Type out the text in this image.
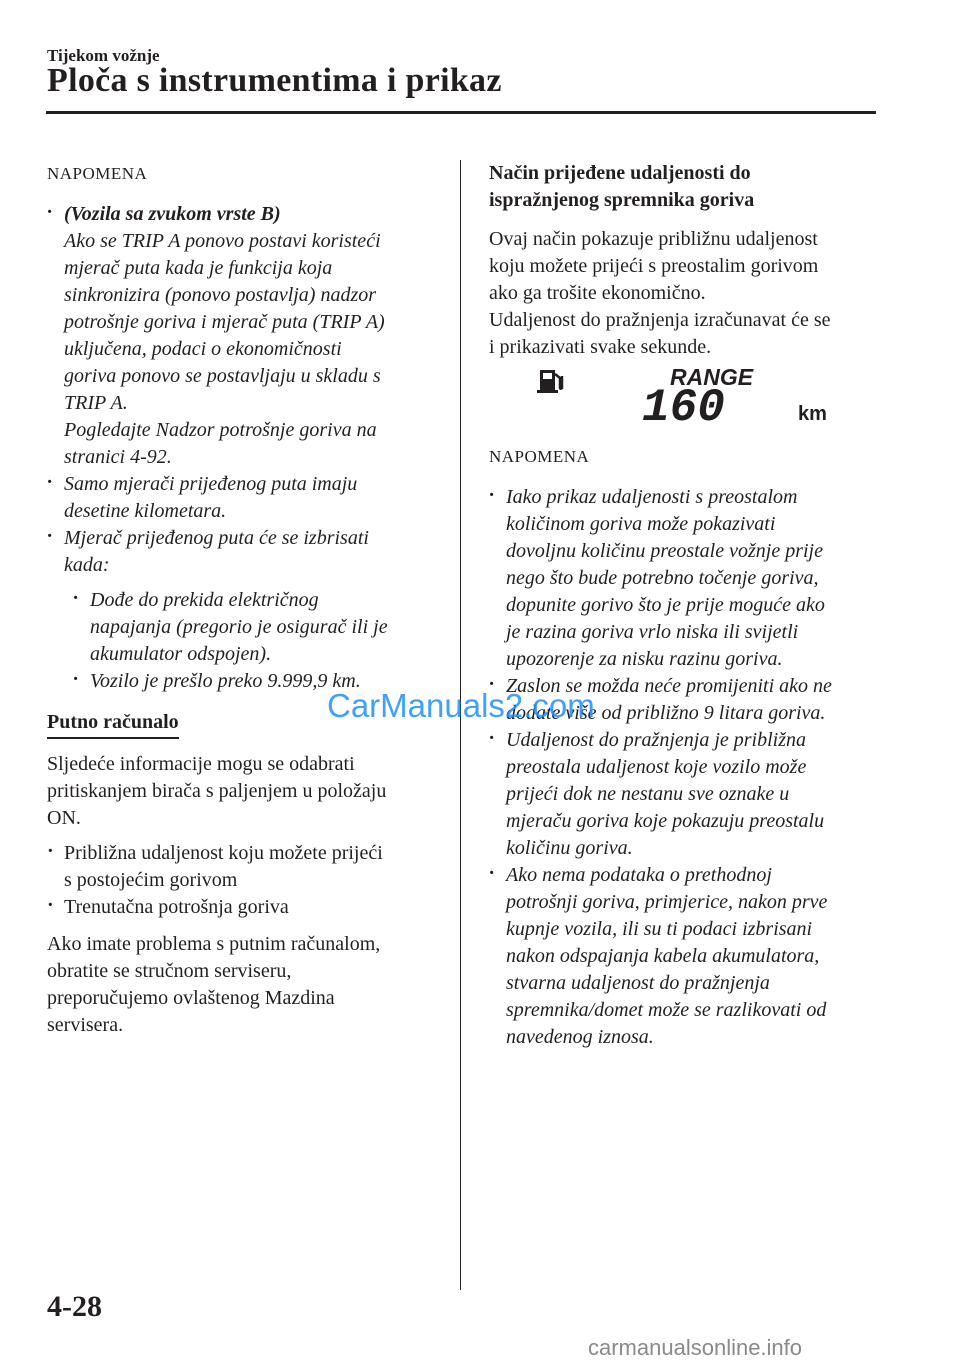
Tijekom vožnje
Ploča s instrumentima i prikaz
NAPOMENA
· (Vozila sa zvukom vrste B)
Ako se TRIP A ponovo postavi koristeći
mjerač puta kada je funkcija koja
sinkronizira (ponovo postavlja) nadzor
potrošnje goriva i mjerač puta (TRIP A)
uključena, podaci o ekonomičnosti
goriva ponovo se postavljaju u skladu s
TRIP A.
Pogledajte Nadzor potrošnje goriva na
stranici 4-92.
· Samo mjerači prijeđenog puta imaju
desetine kilometara.
· Mjerač prijeđenog puta će se izbrisati
kada:
· Dođe do prekida električnog
napajanja (pregorio je osigurač ili je
akumulator odspojen).
· Vozilo je prešlo preko 9.999,9 km.
Putno računalo
Sljedeće informacije mogu se odabrati
pritiskanjem birača s paljenjem u položaju
ON.
· Približna udaljenost koju možete prijeći
s postojećim gorivom
· Trenutačna potrošnja goriva
Ako imate problema s putnim računalom,
obratite se stručnom serviseru,
preporučujemo ovlaštenog Mazdina
servisera.
Način prijeđene udaljenosti do
ispražnjenog spremnika goriva
Ovaj način pokazuje približnu udaljenost
koju možete prijeći s preostalim gorivom
ako ga trošite ekonomično.
Udaljenost do pražnjenja izračunavat će se
i prikazivati svake sekunde.
RANGE
160	km
NAPOMENA
· Iako prikaz udaljenosti s preostalom
količinom goriva može pokazivati
dovoljnu količinu preostale vožnje prije
nego što bude potrebno točenje goriva,
dopunite gorivo što je prije moguće ako
je razina goriva vrlo niska ili svijetli
upozorenje za nisku razinu goriva.
· Zaslon se možda neće promijeniti ako ne
dodate više od približno 9 litara goriva.
· Udaljenost do pražnjenja je približna
preostala udaljenost koje vozilo može
prijeći dok ne nestanu sve oznake u
mjeraču goriva koje pokazuju preostalu
količinu goriva.
· Ako nema podataka o prethodnoj
potrošnji goriva, primjerice, nakon prve
kupnje vozila, ili su ti podaci izbrisani
nakon odspajanja kabela akumulatora,
stvarna udaljenost do pražnjenja
spremnika/domet može se razlikovati od
navedenog iznosa.
4-28
CarManuals2.com
carmanualsonline.info
